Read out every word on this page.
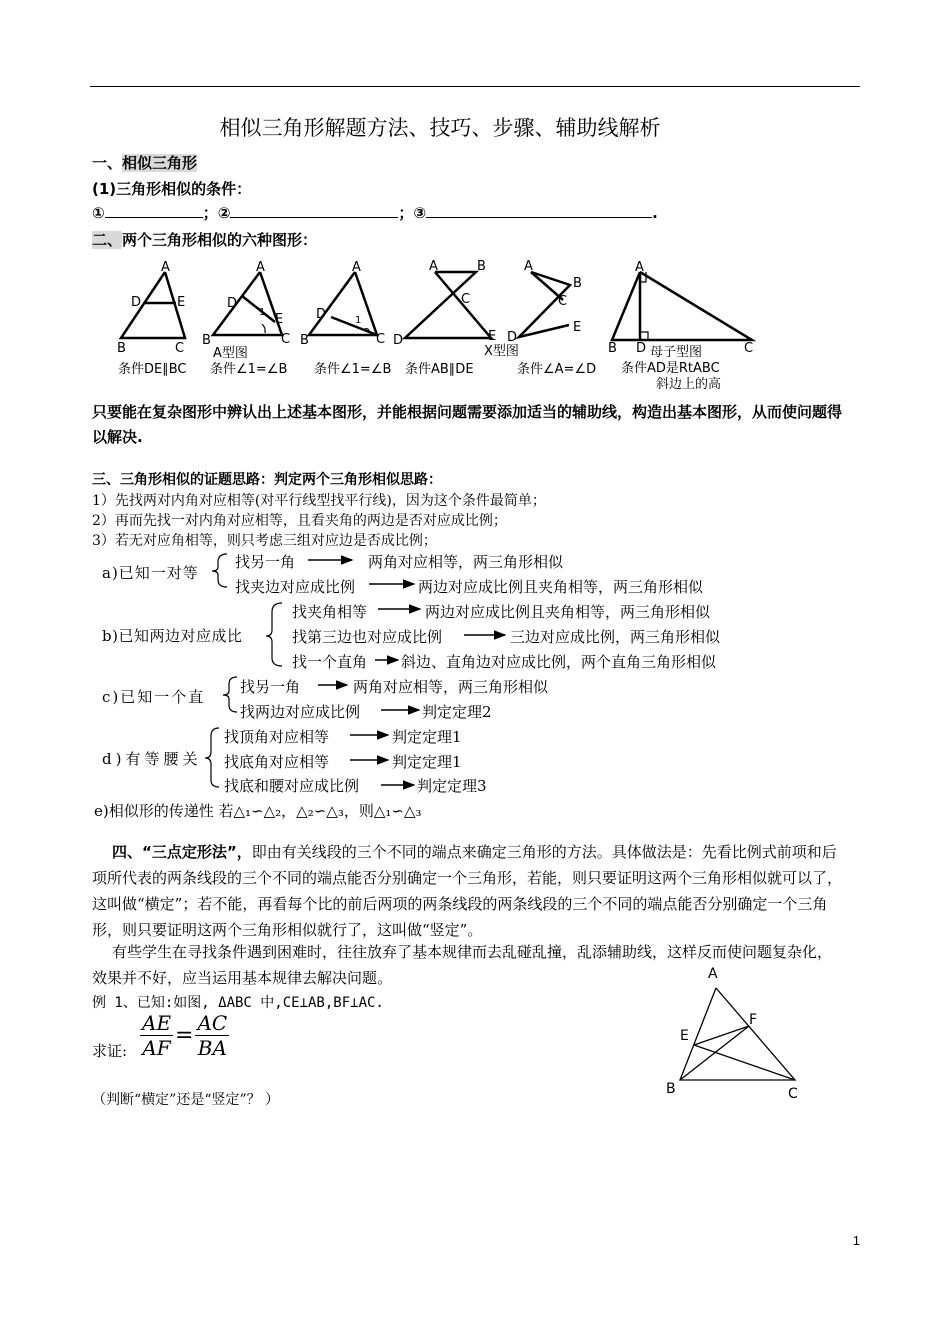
相似三角形解题方法、技巧、步骤、辅助线解析
一、相似三角形
(1)三角形相似的条件：
①	；②	；③	.
二、两个三角形相似的六种图形：
A
D	E
B	C
A
D
E
1
B	C
A
D	1
B	C
A	B
C
D	E
A
B
C
D
E
A
B D	C
A型图	X型图	母子型图
条件DE∥BC 条件∠1=∠B 条件∠1=∠B 条件AB∥DE	条件∠A=∠D 条件AD是RtABC
斜边上的高
只要能在复杂图形中辨认出上述基本图形，并能根据问题需要添加适当的辅助线，构造出基本图形，从而使问题得以解决.
三、三角形相似的证题思路：判定两个三角形相似思路：
1）先找两对内角对应相等(对平行线型找平行线)，因为这个条件最简单；
2）再而先找一对内角对应相等，且看夹角的两边是否对应成比例；
3）若无对应角相等，则只考虑三组对应边是否成比例；
a)已知一对等
找另一角	两角对应相等，两三角形相似
找夹边对应成比例	两边对应成比例且夹角相等，两三角形相似
b)已知两边对应成比
找夹角相等	两边对应成比例且夹角相等，两三角形相似
找第三边也对应成比例	三边对应成比例，两三角形相似
找一个直角 斜边、直角边对应成比例，两个直角三角形相似
c)已知一个直
找另一角	两角对应相等，两三角形相似
找两边对应成比例	判定定理2
d)有等腰关
找顶角对应相等	判定定理1
找底角对应相等	判定定理1
找底和腰对应成比例	判定定理3
e)相似形的传递性 若△₁∽△₂，△₂∽△₃，则△₁∽△₃
四、“三点定形法”，即由有关线段的三个不同的端点来确定三角形的方法。具体做法是：先看比例式前项和后项所代表的两条线段的三个不同的端点能否分别确定一个三角形，若能，则只要证明这两个三角形相似就可以了，这叫做“横定”；若不能，再看每个比的前后两项的两条线段的两条线段的三个不同的端点能否分别确定一个三角形，则只要证明这两个三角形相似就行了，这叫做“竖定”。
有些学生在寻找条件遇到困难时，往往放弃了基本规律而去乱碰乱撞，乱添辅助线，这样反而使问题复杂化，效果并不好，应当运用基本规律去解决问题。
例 1、已知:如图, ΔABC 中,CE⊥AB,BF⊥AC.
求证: $\frac{AE}{AF} = \frac{AC}{BA}$
（判断“横定”还是“竖定”？ ）
A
E
F
B	C
1
